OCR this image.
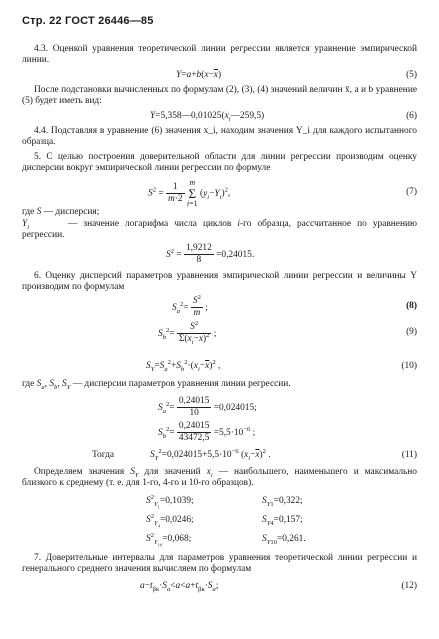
Стр. 22 ГОСТ 26446—85
4.3. Оценкой уравнения теоретической линии регрессии является уравнение эмпирической линии.
$Y=a+b(x-\overline{x})$	(5)
После подстановки вычисленных по формулам (2), (3), (4) значений величин x̄, a и b уравнение (5) будет иметь вид:
$Y=5,358—0,01025(x_i—259,5)$	(6)
4.4. Подставляя в уравнение (6) значения x_i, находим значения Y_i для каждого испытанного образца.
5. С целью построения доверительной области для линии регрессии производим оценку дисперсии вокруг эмпирической линии регрессии по формуле
$S^2 = \frac{1}{m\cdot 2}$ m
Σ
i=1 $(y_i-Y_i)^2$,	(7)
где S — дисперсия;
$Y_i$	— значение логарифма числа циклов i-го образца, рассчитанное по уравнению регрессии.
$S^2 = \frac{1,9212}{8} =0,24015$.
6. Оценку дисперсий параметров уравнения эмпирической линии регрессии и величины Y производим по формулам
$S_a^2= \frac{S^2}{m}$ ;	(8)
$S_b^2= \frac{S^2}{\Sigma(x_i-\overline{x})^2}$ ;	(9)
$S_Y=S_a^2+S_b^2\cdot(x_i-\overline{x})^2$ ,	(10)
где $S_a$, $S_b$, $S_Y$ — дисперсии параметров уравнения линии регрессии.
$S_a^2= \frac{0,24015}{10} =0,024015$;
$S_b^2= \frac{0,24015}{43472,5} =5,5\cdot 10^{-6}$ ;
Тогда	$S_Y^2=0,024015+5,5\cdot 10^{-6}$ $(x_i-\overline{x})^2$ .	(11)
Определяем значения $S_Y$ для значений $x_i$ — наибольшего, наименьшего и максимально близкого к среднему (т. е. для 1-го, 4-го и 10-го образцов).
$S^2_{Y_1}=0,1039$;	$S_{Y1}=0,322$;
$S^2_{Y_4}=0,0246$;	$S_{Y4}=0,157$;
$S^2_{Y_{10}}=0,068$;	$S_{Y10}=0,261$.
7. Доверительные интервалы для параметров уравнения теоретической линии регрессии и генерального среднего значения вычисляем по формулам
$a-t_{\beta к}\cdot S_a<a<a+t_{\beta к}\cdot S_a$;	(12)
